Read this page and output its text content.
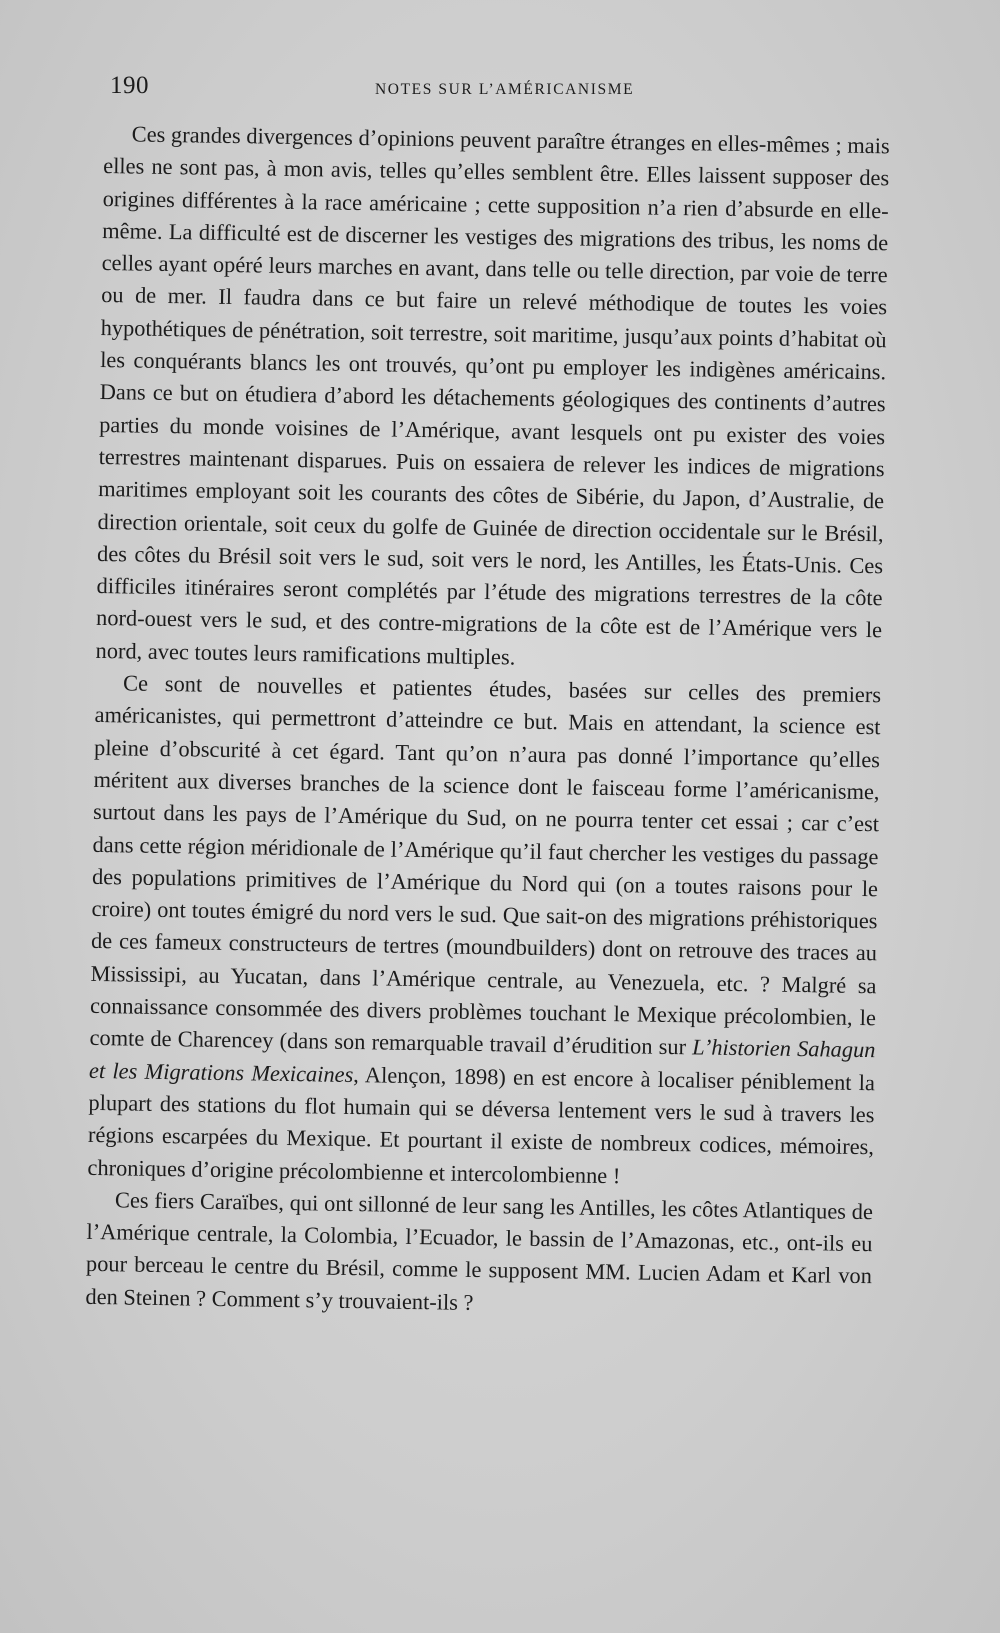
190	NOTES SUR L’AMÉRICANISME

Ces grandes divergences d’opinions peuvent paraître étranges en elles-mêmes ; mais elles ne sont pas, à mon avis, telles qu’elles semblent être. Elles laissent supposer des origines différentes à la race américaine ; cette supposition n’a rien d’absurde en elle-même. La difficulté est de discerner les vestiges des migrations des tribus, les noms de celles ayant opéré leurs marches en avant, dans telle ou telle direction, par voie de terre ou de mer. Il faudra dans ce but faire un relevé méthodique de toutes les voies hypothétiques de pénétration, soit terrestre, soit maritime, jusqu’aux points d’habitat où les conquérants blancs les ont trouvés, qu’ont pu employer les indigènes américains. Dans ce but on étudiera d’abord les détachements géologiques des continents d’autres parties du monde voisines de l’Amérique, avant lesquels ont pu exister des voies terrestres maintenant disparues. Puis on essaiera de relever les indices de migrations maritimes employant soit les courants des côtes de Sibérie, du Japon, d’Australie, de direction orientale, soit ceux du golfe de Guinée de direction occidentale sur le Brésil, des côtes du Brésil soit vers le sud, soit vers le nord, les Antilles, les États-Unis. Ces difficiles itinéraires seront complétés par l’étude des migrations terrestres de la côte nord-ouest vers le sud, et des contre-migrations de la côte est de l’Amérique vers le nord, avec toutes leurs ramifications multiples.

Ce sont de nouvelles et patientes études, basées sur celles des premiers américanistes, qui permettront d’atteindre ce but. Mais en attendant, la science est pleine d’obscurité à cet égard. Tant qu’on n’aura pas donné l’importance qu’elles méritent aux diverses branches de la science dont le faisceau forme l’américanisme, surtout dans les pays de l’Amérique du Sud, on ne pourra tenter cet essai ; car c’est dans cette région méridionale de l’Amérique qu’il faut chercher les vestiges du passage des populations primitives de l’Amérique du Nord qui (on a toutes raisons pour le croire) ont toutes émigré du nord vers le sud. Que sait-on des migrations préhistoriques de ces fameux constructeurs de tertres (moundbuilders) dont on retrouve des traces au Mississipi, au Yucatan, dans l’Amérique centrale, au Venezuela, etc. ? Malgré sa connaissance consommée des divers problèmes touchant le Mexique précolombien, le comte de Charencey (dans son remarquable travail d’érudition sur L’historien Sahagun et les Migrations Mexicaines, Alençon, 1898) en est encore à localiser péniblement la plupart des stations du flot humain qui se déversa lentement vers le sud à travers les régions escarpées du Mexique. Et pourtant il existe de nombreux codices, mémoires, chroniques d’origine précolombienne et intercolombienne !

Ces fiers Caraïbes, qui ont sillonné de leur sang les Antilles, les côtes Atlantiques de l’Amérique centrale, la Colombia, l’Ecuador, le bassin de l’Amazonas, etc., ont-ils eu pour berceau le centre du Brésil, comme le supposent MM. Lucien Adam et Karl von den Steinen ? Comment s’y trouvaient-ils ?
